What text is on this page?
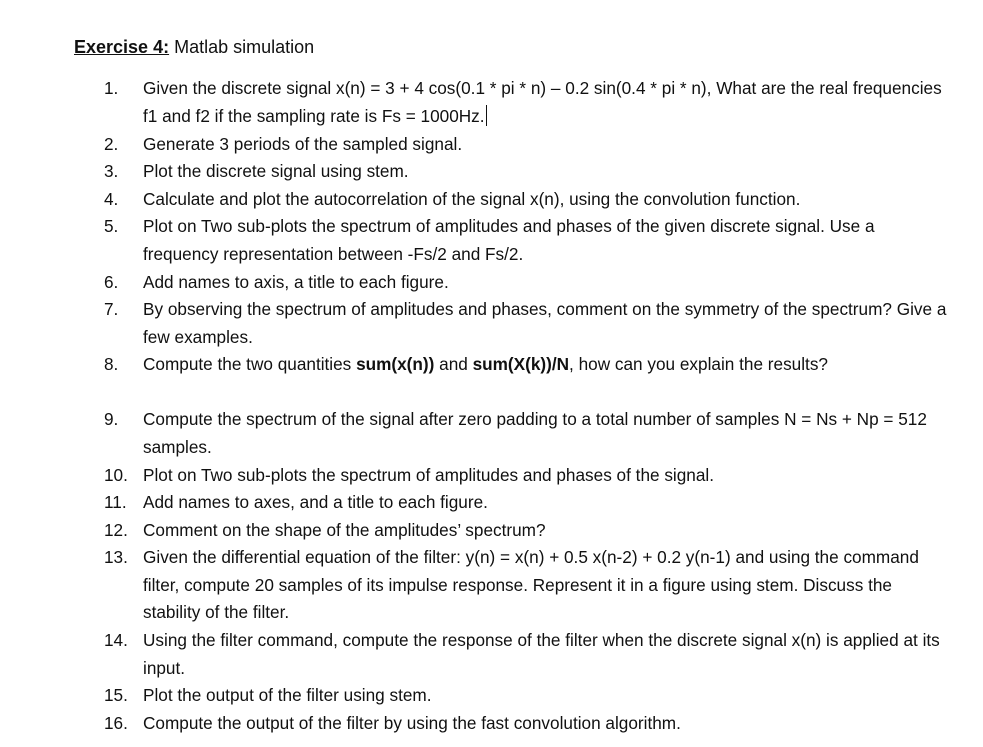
Exercise 4: Matlab simulation
1. Given the discrete signal x(n) = 3 + 4 cos(0.1 * pi * n) – 0.2 sin(0.4 * pi * n), What are the real frequencies f1 and f2 if the sampling rate is Fs = 1000Hz.
2. Generate 3 periods of the sampled signal.
3. Plot the discrete signal using stem.
4. Calculate and plot the autocorrelation of the signal x(n), using the convolution function.
5. Plot on Two sub-plots the spectrum of amplitudes and phases of the given discrete signal. Use a frequency representation between -Fs/2 and Fs/2.
6. Add names to axis, a title to each figure.
7. By observing the spectrum of amplitudes and phases, comment on the symmetry of the spectrum? Give a few examples.
8. Compute the two quantities sum(x(n)) and sum(X(k))/N, how can you explain the results?
9. Compute the spectrum of the signal after zero padding to a total number of samples N = Ns + Np = 512 samples.
10. Plot on Two sub-plots the spectrum of amplitudes and phases of the signal.
11. Add names to axes, and a title to each figure.
12. Comment on the shape of the amplitudes’ spectrum?
13. Given the differential equation of the filter: y(n) = x(n) + 0.5 x(n-2) + 0.2 y(n-1) and using the command filter, compute 20 samples of its impulse response. Represent it in a figure using stem. Discuss the stability of the filter.
14. Using the filter command, compute the response of the filter when the discrete signal x(n) is applied at its input.
15. Plot the output of the filter using stem.
16. Compute the output of the filter by using the fast convolution algorithm.
